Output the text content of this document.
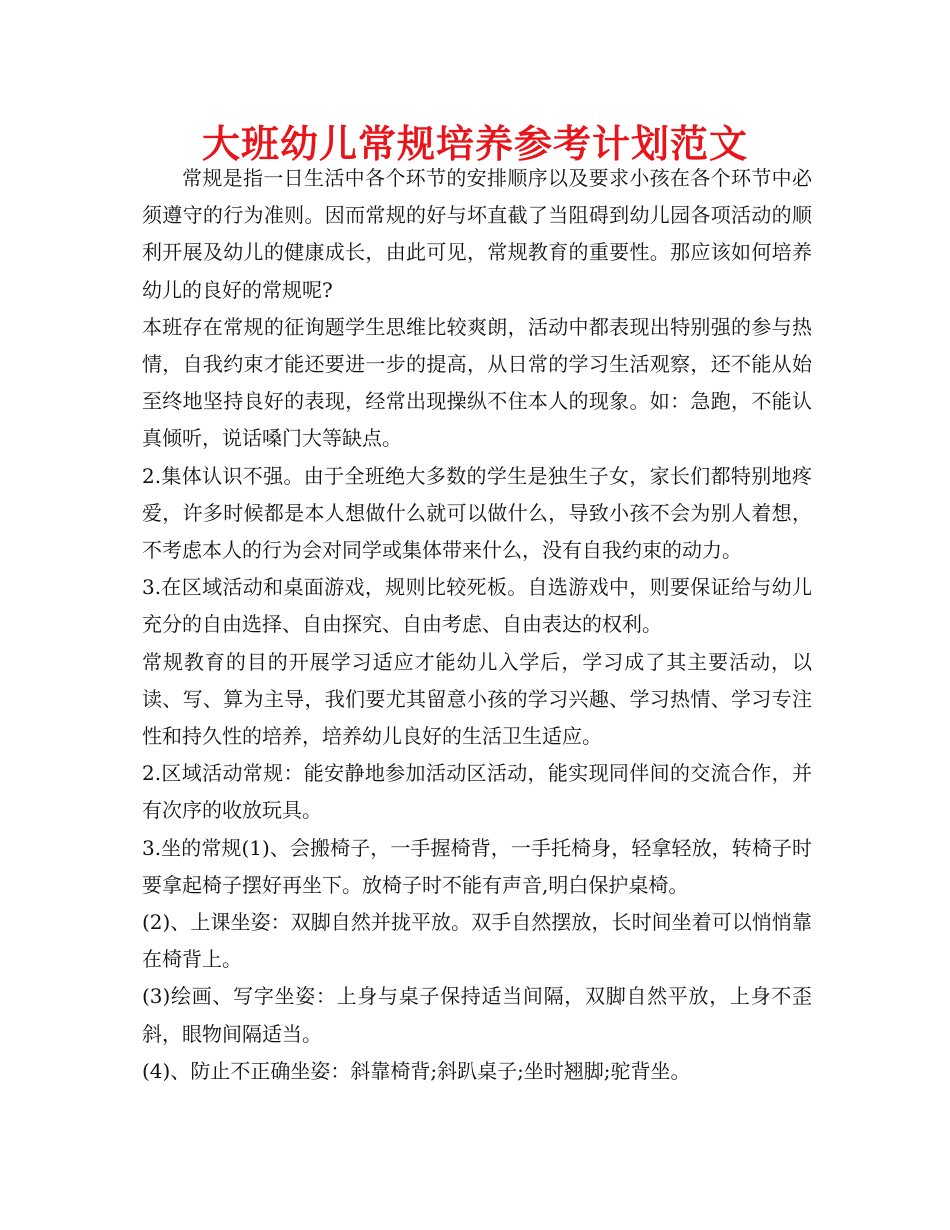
大班幼儿常规培养参考计划范文

常规是指一日生活中各个环节的安排顺序以及要求小孩在各个环节中必须遵守的行为准则。因而常规的好与坏直截了当阻碍到幼儿园各项活动的顺利开展及幼儿的健康成长，由此可见，常规教育的重要性。那应该如何培养幼儿的良好的常规呢?

本班存在常规的征询题学生思维比较爽朗，活动中都表现出特别强的参与热情，自我约束才能还要进一步的提高，从日常的学习生活观察，还不能从始至终地坚持良好的表现，经常出现操纵不住本人的现象。如：急跑，不能认真倾听，说话嗓门大等缺点。

2.集体认识不强。由于全班绝大多数的学生是独生子女，家长们都特别地疼爱，许多时候都是本人想做什么就可以做什么，导致小孩不会为别人着想，不考虑本人的行为会对同学或集体带来什么，没有自我约束的动力。

3.在区域活动和桌面游戏，规则比较死板。自选游戏中，则要保证给与幼儿充分的自由选择、自由探究、自由考虑、自由表达的权利。

常规教育的目的开展学习适应才能幼儿入学后，学习成了其主要活动，以读、写、算为主导，我们要尤其留意小孩的学习兴趣、学习热情、学习专注性和持久性的培养，培养幼儿良好的生活卫生适应。

2.区域活动常规：能安静地参加活动区活动，能实现同伴间的交流合作，并有次序的收放玩具。

3.坐的常规(1)、会搬椅子，一手握椅背，一手托椅身，轻拿轻放，转椅子时要拿起椅子摆好再坐下。放椅子时不能有声音,明白保护桌椅。

(2)、上课坐姿：双脚自然并拢平放。双手自然摆放，长时间坐着可以悄悄靠在椅背上。

(3)绘画、写字坐姿：上身与桌子保持适当间隔，双脚自然平放，上身不歪斜，眼物间隔适当。

(4)、防止不正确坐姿：斜靠椅背;斜趴桌子;坐时翘脚;驼背坐。
